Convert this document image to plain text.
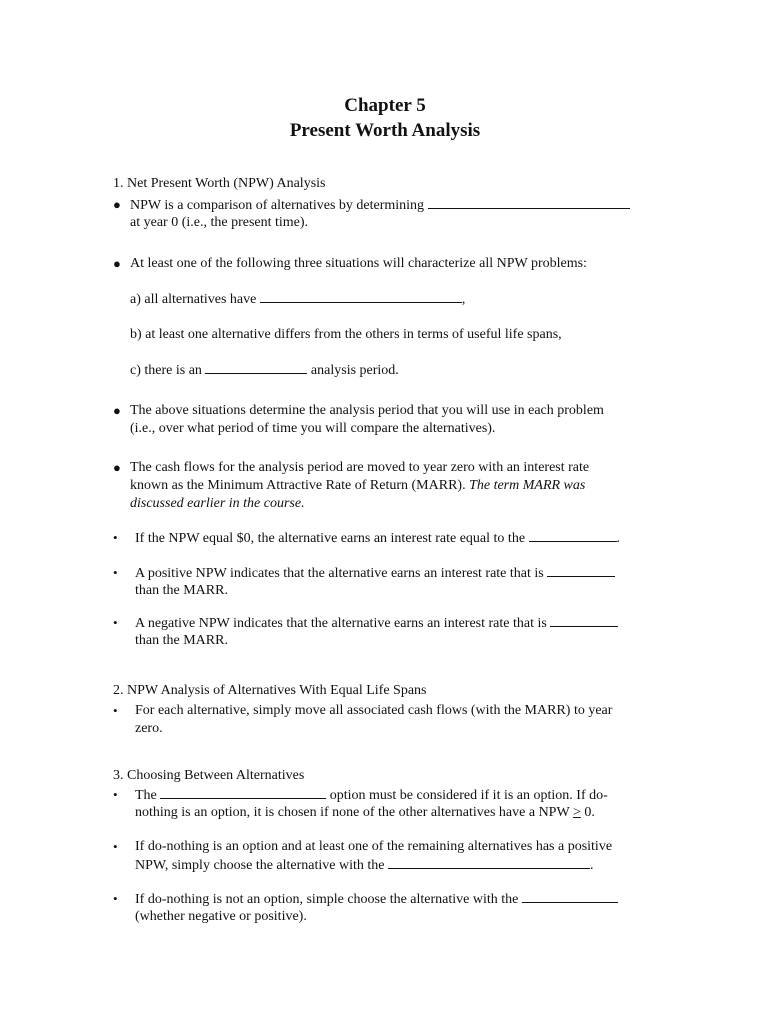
Chapter 5
Present Worth Analysis
1. Net Present Worth (NPW) Analysis
● NPW is a comparison of alternatives by determining
at year 0 (i.e., the present time).
● At least one of the following three situations will characterize all NPW problems:
a) all alternatives have	,
b) at least one alternative differs from the others in terms of useful life spans,
c) there is an	analysis period.
● The above situations determine the analysis period that you will use in each problem
(i.e., over what period of time you will compare the alternatives).
● The cash flows for the analysis period are moved to year zero with an interest rate
known as the Minimum Attractive Rate of Return (MARR). The term MARR was
discussed earlier in the course.
• If the NPW equal $0, the alternative earns an interest rate equal to the	.
• A positive NPW indicates that the alternative earns an interest rate that is
than the MARR.
• A negative NPW indicates that the alternative earns an interest rate that is
than the MARR.
2. NPW Analysis of Alternatives With Equal Life Spans
• For each alternative, simply move all associated cash flows (with the MARR) to year
zero.
3. Choosing Between Alternatives
• The	option must be considered if it is an option. If do-
nothing is an option, it is chosen if none of the other alternatives have a NPW ≥ 0.
• If do-nothing is an option and at least one of the remaining alternatives has a positive
NPW, simply choose the alternative with the	.
• If do-nothing is not an option, simple choose the alternative with the
(whether negative or positive).
